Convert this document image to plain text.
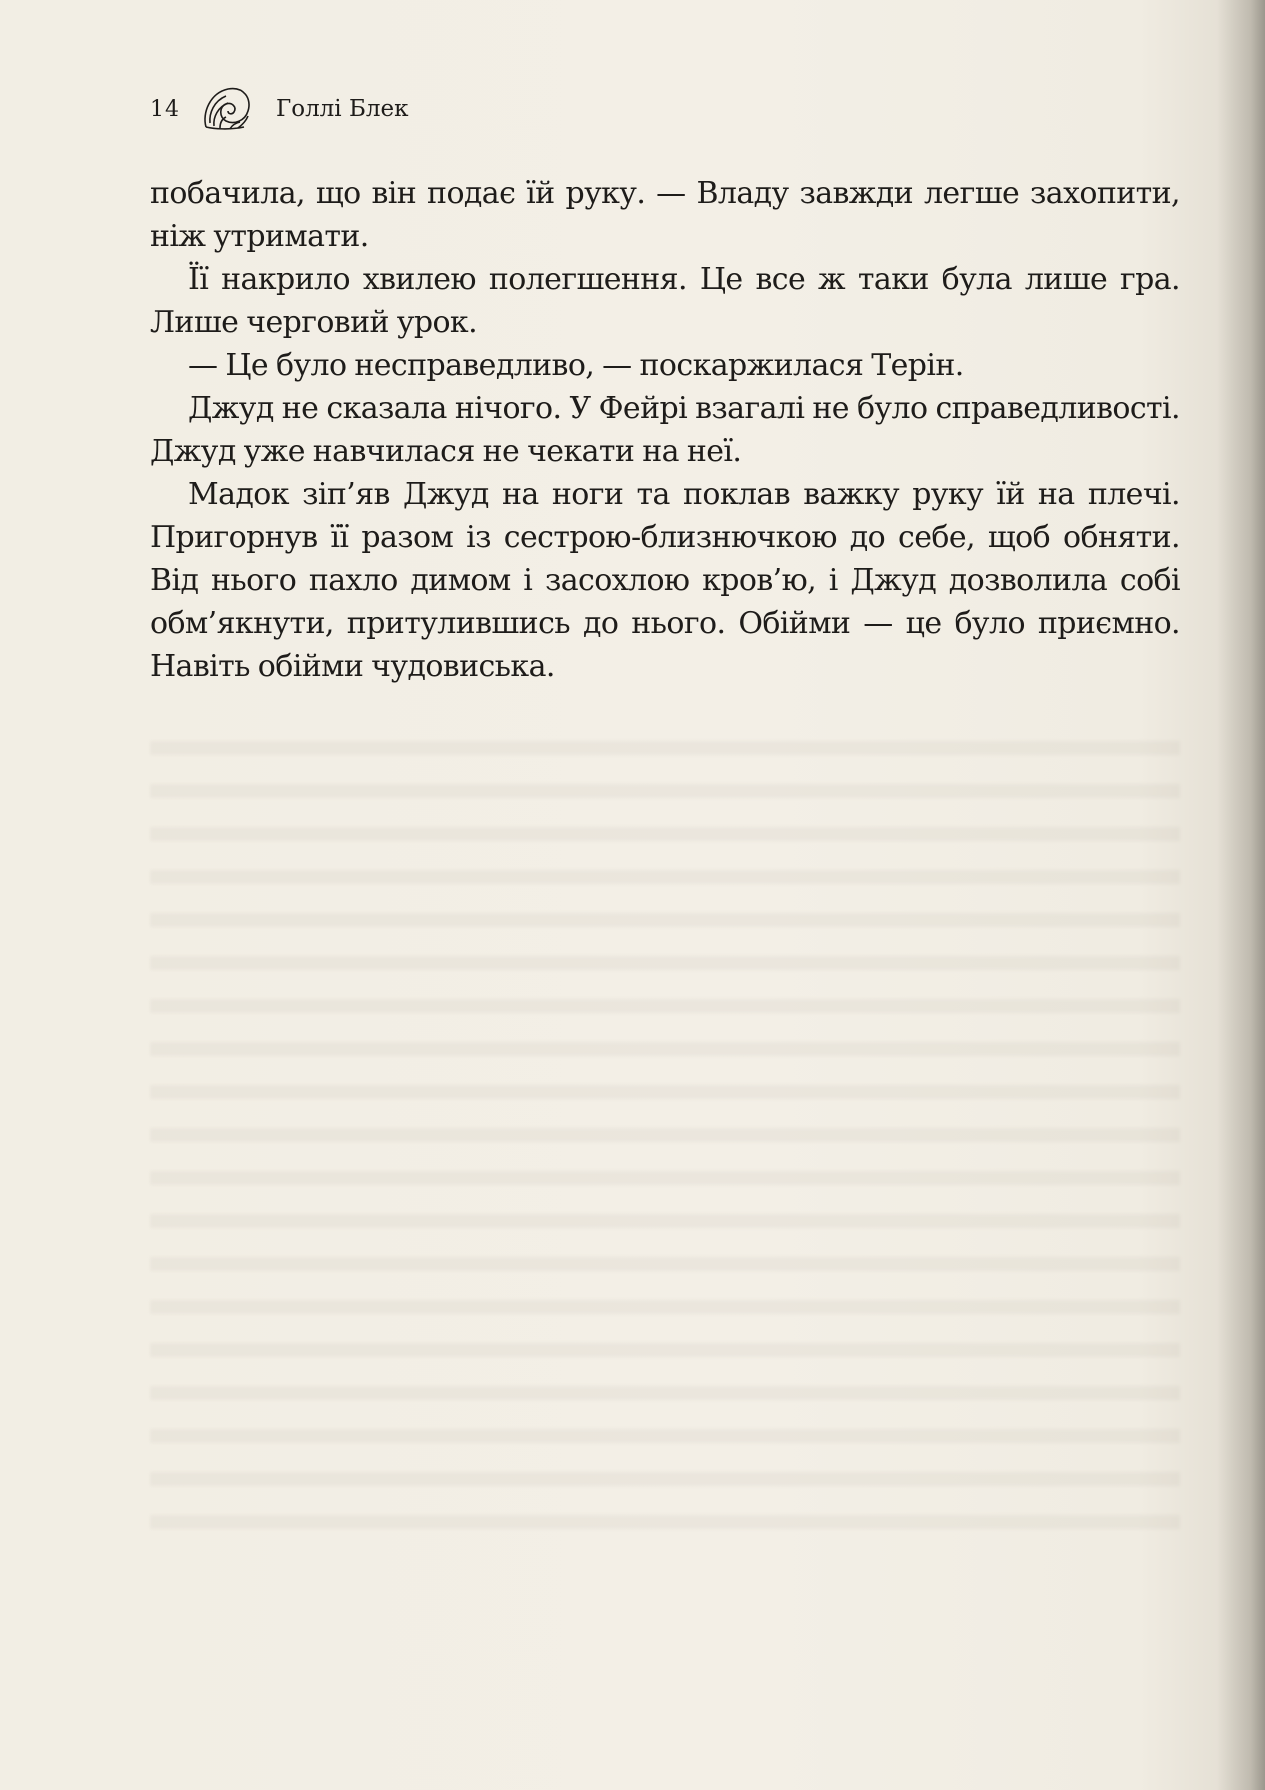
14	Голлі Блек

побачила, що він подає їй руку. — Владу завжди легше захопити, ніж утримати.

Її накрило хвилею полегшення. Це все ж таки була лише гра. Лише черговий урок.

— Це було несправедливо, — поскаржилася Терін.

Джуд не сказала нічого. У Фейрі взагалі не було справедливості. Джуд уже навчилася не чекати на неї.

Мадок зіп’яв Джуд на ноги та поклав важку руку їй на плечі. Пригорнув її разом із сестрою-близнючкою до себе, щоб обняти. Від нього пахло димом і засохлою кров’ю, і Джуд дозволила собі обм’якнути, притулившись до нього. Обійми — це було приємно. Навіть обійми чудовиська.
